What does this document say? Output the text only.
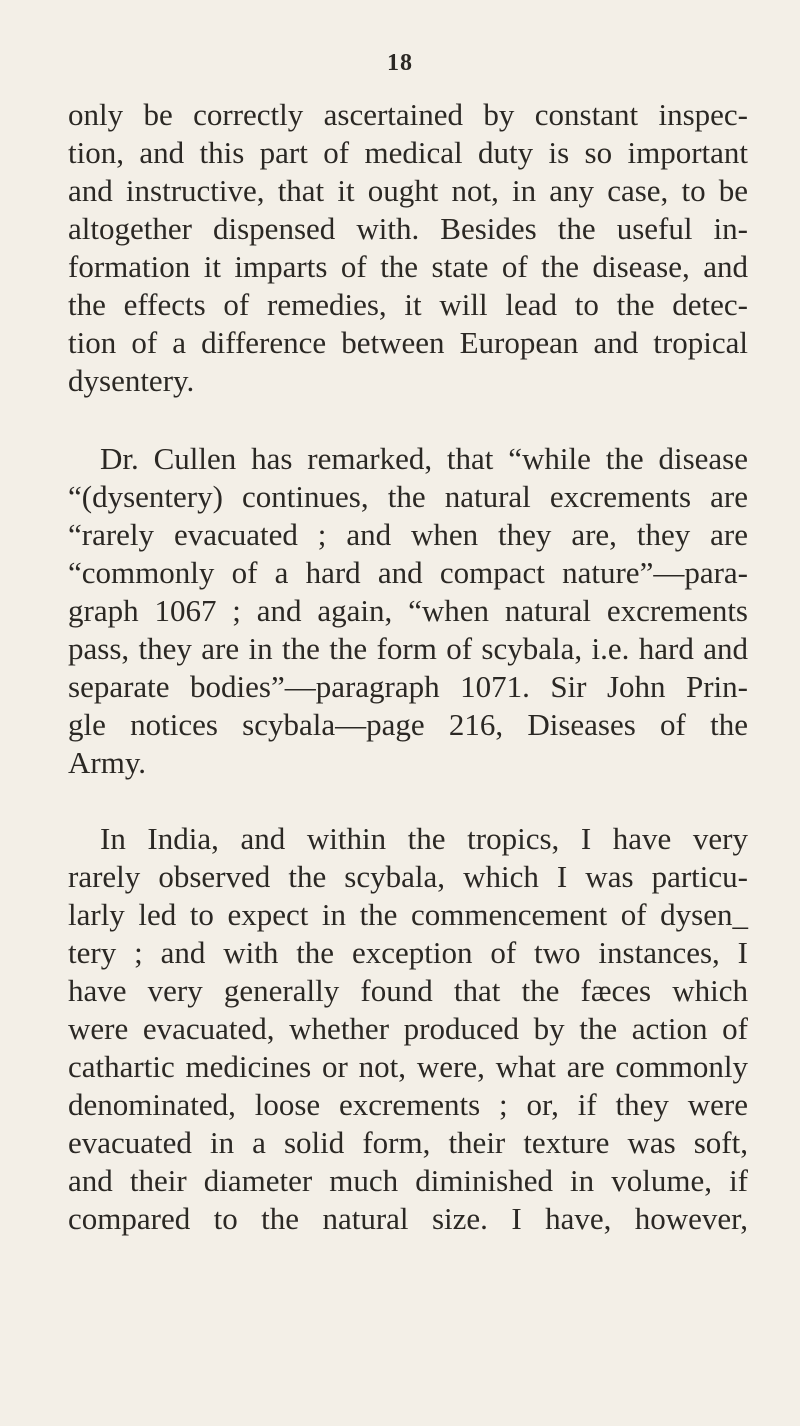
18
only be correctly ascertained by constant inspec-
tion, and this part of medical duty is so important
and instructive, that it ought not, in any case, to be
altogether dispensed with. Besides the useful in-
formation it imparts of the state of the disease, and
the effects of remedies, it will lead to the detec-
tion of a difference between European and tropical
dysentery.
Dr. Cullen has remarked, that “while the disease
“(dysentery) continues, the natural excrements are
“rarely evacuated ; and when they are, they are
“commonly of a hard and compact nature”—para-
graph 1067 ; and again, “when natural excrements
pass, they are in the the form of scybala, i.e. hard and
separate bodies”—paragraph 1071. Sir John Prin-
gle notices scybala—page 216, Diseases of the
Army.
In India, and within the tropics, I have very
rarely observed the scybala, which I was particu-
larly led to expect in the commencement of dysen_
tery ; and with the exception of two instances, I
have very generally found that the fæces which
were evacuated, whether produced by the action of
cathartic medicines or not, were, what are commonly
denominated, loose excrements ; or, if they were
evacuated in a solid form, their texture was soft,
and their diameter much diminished in volume, if
compared to the natural size. I have, however,
